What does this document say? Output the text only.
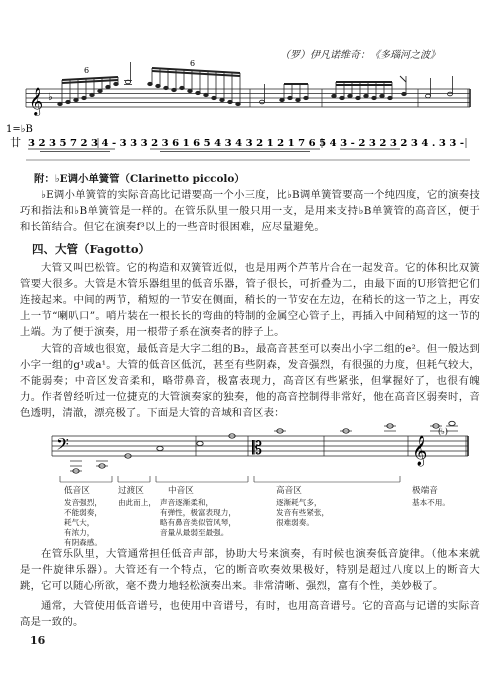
（罗）伊凡诺维奇：《多瑙河之波》
𝄞 ♭
6
6
1=♭B
廿 3 2 3 5 7 2 3 4 - 3 3 3 2 3 6 1 6 5 4 3 4 3 2 1 2 1 7 6 5 4 3 - 2 3 2 3 2 3 4 . 3 3 -
附：♭E调小单簧管（Clarinetto piccolo）
♭E调小单簧管的实际音高比记谱要高一个小三度，比♭B调单簧管要高一个纯四度，它的演奏技巧和指法和♭B单簧管是一样的。在管乐队里一般只用一支，是用来支持♭B单簧管的高音区，便于和长笛结合。但它在演奏f³以上的一些音时很困难，应尽量避免。
四、大管（Fagotto）
大管又叫巴松管。它的构造和双簧管近似，也是用两个芦苇片合在一起发音。它的体积比双簧管要大很多。大管是木管乐器组里的低音乐器，管子很长，可折叠为二，由最下面的U形管把它们连接起来。中间的两节，稍短的一节安在侧面，稍长的一节安在左边，在稍长的这一节之上，再安上一节“喇叭口”。哨片装在一根长长的弯曲的特制的金属空心管子上，再插入中间稍短的这一节的上端。为了便于演奏，用一根带子系在演奏者的脖子上。
大管的音域也很宽，最低音是大字二组的B₂，最高音甚至可以奏出小字二组的e²。但一般达到小字一组的g¹或a¹。大管的低音区低沉，甚至有些阴森，发音强烈，有很强的力度，但耗气较大，不能弱奏；中音区发音柔和，略带鼻音，极富表现力，高音区有些紧张，但掌握好了，也很有魄力。作者曾经听过一位捷克的大管演奏家的独奏，他的高音控制得非常好，他在高音区弱奏时，音色透明，清澈，漂亮极了。下面是大管的音域和音区表：
𝄢	𝄡	𝄞
(♭)
低音区
发音强烈，
不能弱奏，
耗气大，
有浓力，
有阴森感。
过渡区
由此而上，
中音区
声音逐渐柔和，
有弹性，极富表现力，
略有鼻音类似管风琴，
音量从最弱至最强。
高音区
逐渐耗气多，
发音有些紧张，
很难弱奏。
极端音
基本不用。
在管乐队里，大管通常担任低音声部，协助大号来演奏，有时候也演奏低音旋律。（他本来就是一件旋律乐器）。大管还有一个特点，它的断音吹奏效果极好，特别是超过八度以上的断音大跳，它可以随心所欲，毫不费力地轻松演奏出来。非常清晰、强烈，富有个性，美妙极了。
通常，大管使用低音谱号，也使用中音谱号，有时，也用高音谱号。它的音高与记谱的实际音高是一致的。
16
